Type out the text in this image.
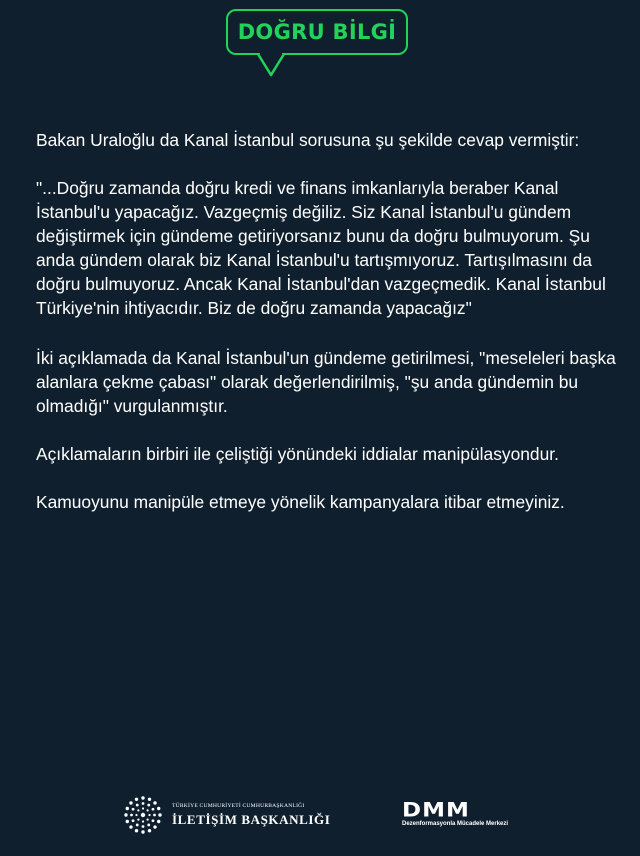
DOĞRU BİLGİ

Bakan Uraloğlu da Kanal İstanbul sorusuna şu şekilde cevap vermiştir:

"...Doğru zamanda doğru kredi ve finans imkanlarıyla beraber Kanal İstanbul'u yapacağız. Vazgeçmiş değiliz. Siz Kanal İstanbul'u gündem değiştirmek için gündeme getiriyorsanız bunu da doğru bulmuyorum. Şu anda gündem olarak biz Kanal İstanbul'u tartışmıyoruz. Tartışılmasını da doğru bulmuyoruz. Ancak Kanal İstanbul'dan vazgeçmedik. Kanal İstanbul Türkiye'nin ihtiyacıdır. Biz de doğru zamanda yapacağız"

İki açıklamada da Kanal İstanbul'un gündeme getirilmesi, "meseleleri başka alanlara çekme çabası" olarak değerlendirilmiş, "şu anda gündemin bu olmadığı" vurgulanmıştır.

Açıklamaların birbiri ile çeliştiği yönündeki iddialar manipülasyondur.

Kamuoyunu manipüle etmeye yönelik kampanyalara itibar etmeyiniz.

TÜRKİYE CUMHURİYETİ CUMHURBAŞKANLIĞI
İLETİŞİM BAŞKANLIĞI	DMM
Dezenformasyonla Mücadele Merkezi
